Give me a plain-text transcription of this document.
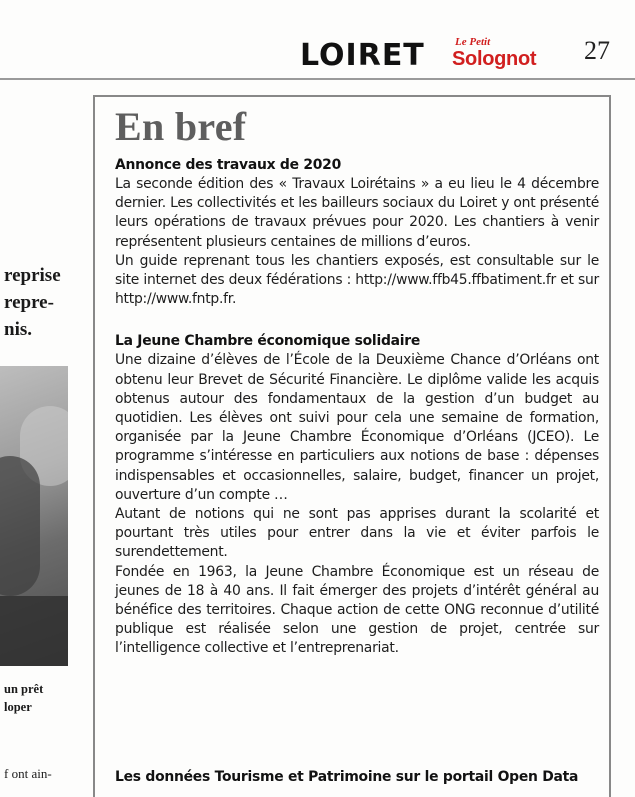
LOIRET	Le Petit
Solognot 27
reprise
repre-
nis.
un prêt
loper
f ont ain-
En bref
Annonce des travaux de 2020

La seconde édition des « Travaux Loirétains » a eu lieu le 4 décembre dernier. Les collectivités et les bailleurs sociaux du Loiret y ont présenté leurs opérations de travaux prévues pour 2020. Les chantiers à venir représentent plusieurs centaines de millions d’euros.

Un guide reprenant tous les chantiers exposés, est consultable sur le site internet des deux fédérations : http://www.ffb45.ffbatiment.fr et sur http://www.fntp.fr.

La Jeune Chambre économique solidaire

Une dizaine d’élèves de l’École de la Deuxième Chance d’Orléans ont obtenu leur Brevet de Sécurité Financière. Le diplôme valide les acquis obtenus autour des fondamentaux de la gestion d’un budget au quotidien. Les élèves ont suivi pour cela une semaine de formation, organisée par la Jeune Chambre Économique d’Orléans (JCEO). Le programme s’intéresse en particuliers aux notions de base : dépenses indispensables et occasionnelles, salaire, budget, financer un projet, ouverture d’un compte …

Autant de notions qui ne sont pas apprises durant la scolarité et pourtant très utiles pour entrer dans la vie et éviter parfois le surendettement.

Fondée en 1963, la Jeune Chambre Économique est un réseau de jeunes de 18 à 40 ans. Il fait émerger des projets d’intérêt général au bénéfice des territoires. Chaque action de cette ONG reconnue d’utilité publique est réalisée selon une gestion de projet, centrée sur l’intelligence collective et l’entreprenariat.

Les données Tourisme et Patrimoine sur le portail Open Data
